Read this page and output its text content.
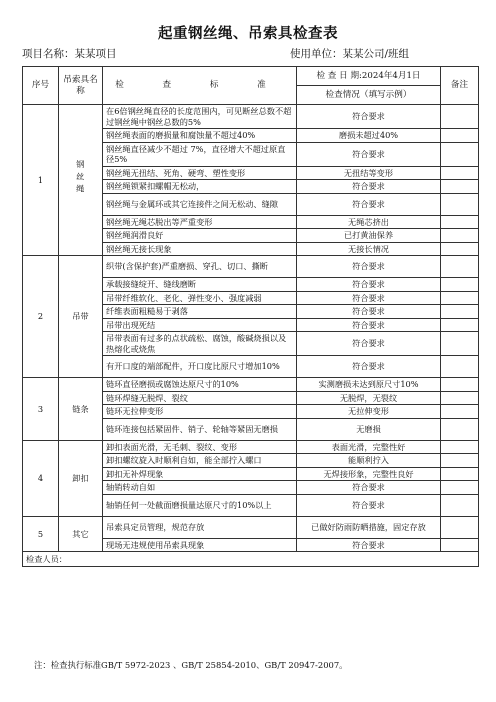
起重钢丝绳、吊索具检查表
项目名称：某某项目	使用单位：某某公司/班组
序号	吊索具名称	检 查 标 准	检 查 日 期:2024年4月1日	备注
			检查情况（填写示例）	
1	钢丝绳	在6倍钢丝绳直径的长度范围内，可见断丝总数不超过钢丝绳中钢丝总数的5%	符合要求	
		钢丝绳表面的磨损量和腐蚀量不超过40%	磨损未超过40%	
		钢丝绳直径减少不超过 7%，直径增大不超过原直径5%	符合要求	
		钢丝绳无扭结、死角、硬弯、塑性变形	无扭结等变形	
		钢丝绳锁紧扣螺帽无松动，	符合要求	
		钢丝绳与金属环或其它连接件之间无松动、缝隙	符合要求	
		钢丝绳无绳芯脱出等严重变形	无绳芯挤出	
		钢丝绳润滑良好	已打黄油保养	
		钢丝绳无接长现象	无接长情况	
2	吊带	织带(含保护套)严重磨损、穿孔、切口、撕断	符合要求	
		承载接缝绽开、缝线磨断	符合要求	
		吊带纤维软化、老化、弹性变小、强度减弱	符合要求	
		纤维表面粗糙易于剥落	符合要求	
		吊带出现死结	符合要求	
		吊带表面有过多的点状疏松、腐蚀，酸碱烧损以及热熔化或烧焦	符合要求	
		有开口度的端部配件，开口度比原尺寸增加10%	符合要求	
3	链条	链环直径磨损或腐蚀达原尺寸的10%	实测磨损未达到原尺寸10%	
		链环焊缝无脱焊、裂纹	无脱焊，无裂纹	
		链环无拉伸变形	无拉伸变形	
		链环连接包括紧固件、销子、轮轴等紧固无磨损	无磨损	
4	卸扣	卸扣表面光滑，无毛刺、裂纹、变形	表面光滑，完整性好	
		卸扣螺纹旋入时顺利自如，能全部拧入螺口	能顺利拧入	
		卸扣无补焊现象	无焊接形象，完整性良好	
		轴销转动自如	符合要求	
		轴销任何一处截面磨损量达原尺寸的10%以上	符合要求	
5	其它	吊索具定员管理，规范存放	已做好防雨防晒措施，固定存放	
		现场无违规使用吊索具现象	符合要求	
检查人员：				
注：检查执行标准GB/T 5972-2023 、GB/T 25854-2010、GB/T 20947-2007。
